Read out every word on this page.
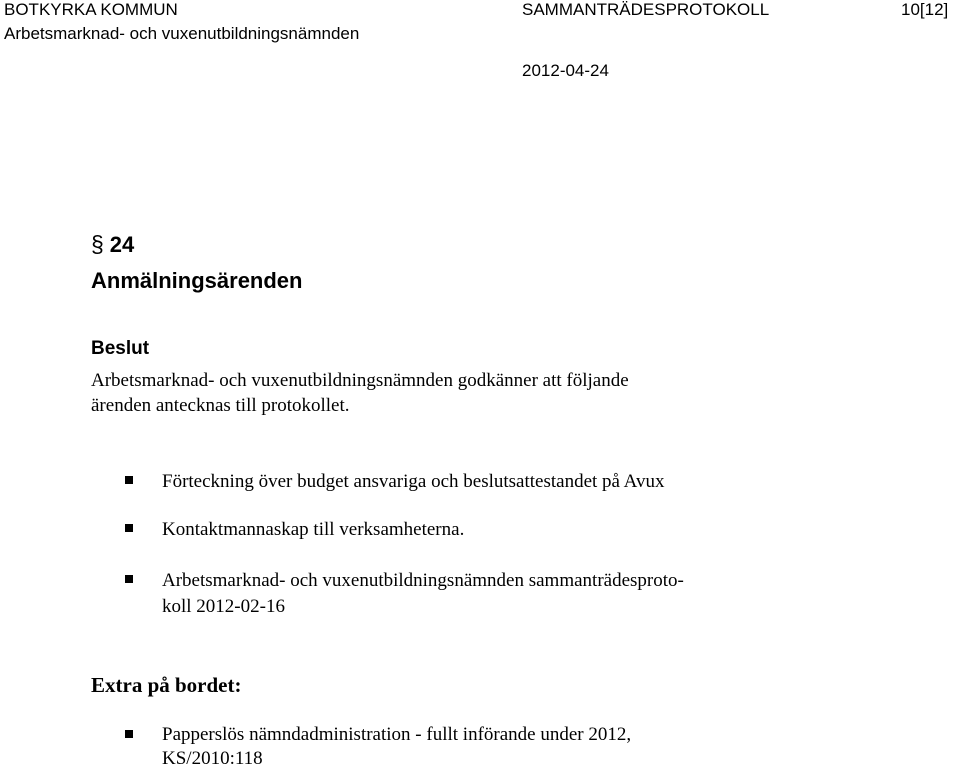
BOTKYRKA KOMMUN
Arbetsmarknad- och vuxenutbildningsnämnden
SAMMANTRÄDESPROTOKOLL	10[12]
2012-04-24
§ 24
Anmälningsärenden
Beslut
Arbetsmarknad- och vuxenutbildningsnämnden godkänner att följande
ärenden antecknas till protokollet.
Förteckning över budget ansvariga och beslutsattestandet på Avux
Kontaktmannaskap till verksamheterna.
Arbetsmarknad- och vuxenutbildningsnämnden sammanträdesproto-
koll 2012-02-16
Extra på bordet:
Papperslös nämndadministration - fullt införande under 2012,
KS/2010:118
